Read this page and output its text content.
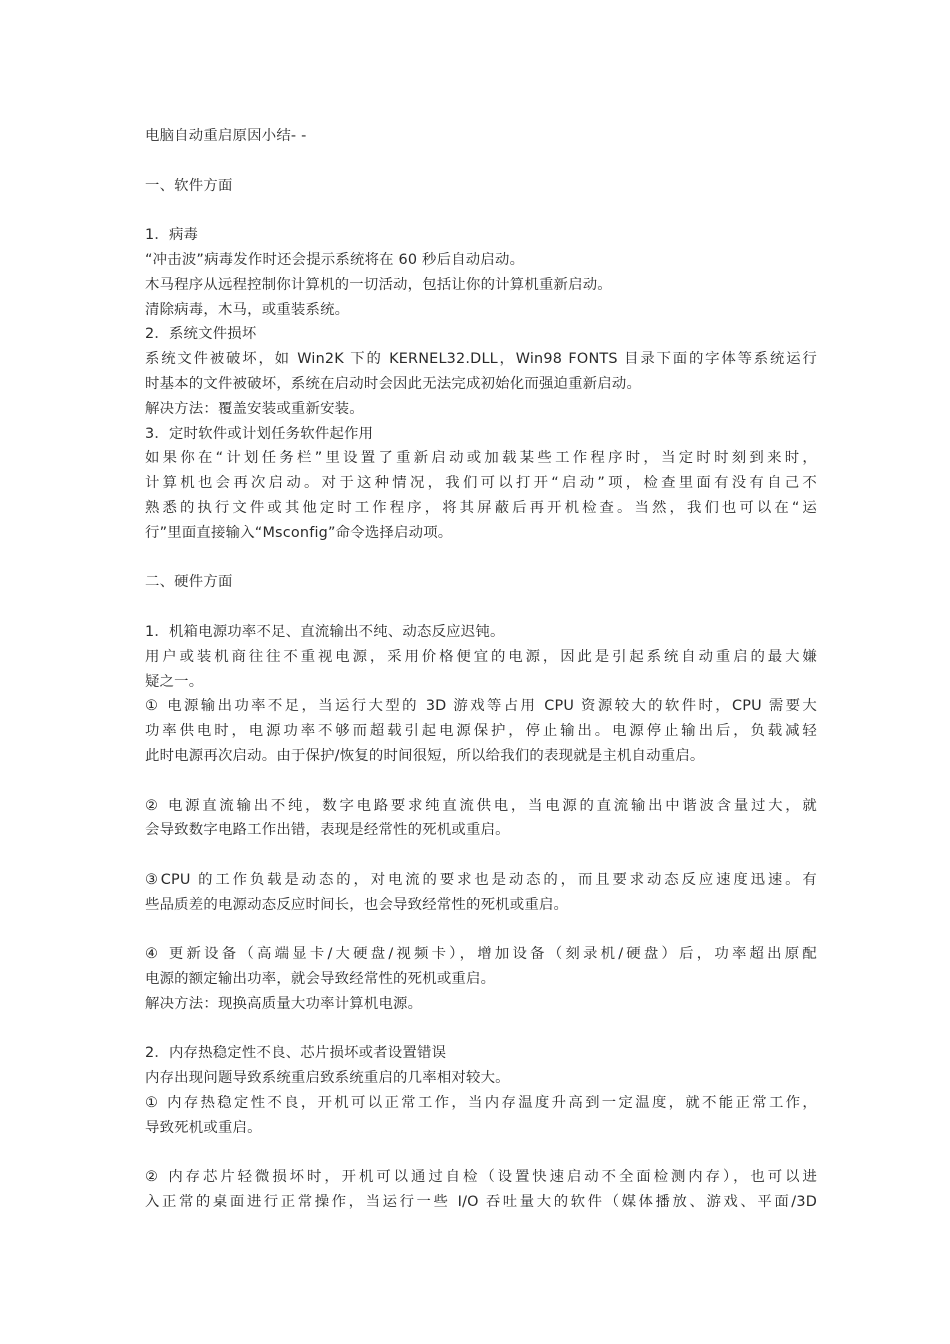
电脑自动重启原因小结- -
一、软件方面
1．病毒
“冲击波”病毒发作时还会提示系统将在 60 秒后自动启动。
木马程序从远程控制你计算机的一切活动，包括让你的计算机重新启动。
清除病毒，木马，或重装系统。
2．系统文件损坏
系统文件被破坏，如 Win2K 下的 KERNEL32.DLL，Win98 FONTS 目录下面的字体等系统运行
时基本的文件被破坏，系统在启动时会因此无法完成初始化而强迫重新启动。
解决方法：覆盖安装或重新安装。
3．定时软件或计划任务软件起作用
如果你在“计划任务栏”里设置了重新启动或加载某些工作程序时，当定时时刻到来时，
计算机也会再次启动。对于这种情况，我们可以打开“启动”项，检查里面有没有自己不
熟悉的执行文件或其他定时工作程序，将其屏蔽后再开机检查。当然，我们也可以在“运
行”里面直接输入“Msconfig”命令选择启动项。
二、硬件方面
1．机箱电源功率不足、直流输出不纯、动态反应迟钝。
用户或装机商往往不重视电源，采用价格便宜的电源，因此是引起系统自动重启的最大嫌
疑之一。
① 电源输出功率不足，当运行大型的 3D 游戏等占用 CPU 资源较大的软件时，CPU 需要大
功率供电时，电源功率不够而超载引起电源保护，停止输出。电源停止输出后，负载减轻
此时电源再次启动。由于保护/恢复的时间很短，所以给我们的表现就是主机自动重启。
② 电源直流输出不纯，数字电路要求纯直流供电，当电源的直流输出中谐波含量过大，就
会导致数字电路工作出错，表现是经常性的死机或重启。
③CPU 的工作负载是动态的，对电流的要求也是动态的，而且要求动态反应速度迅速。有
些品质差的电源动态反应时间长，也会导致经常性的死机或重启。
④ 更新设备（高端显卡/大硬盘/视频卡），增加设备（刻录机/硬盘）后，功率超出原配
电源的额定输出功率，就会导致经常性的死机或重启。
解决方法：现换高质量大功率计算机电源。
2．内存热稳定性不良、芯片损坏或者设置错误
内存出现问题导致系统重启致系统重启的几率相对较大。
① 内存热稳定性不良，开机可以正常工作，当内存温度升高到一定温度，就不能正常工作，
导致死机或重启。
② 内存芯片轻微损坏时，开机可以通过自检（设置快速启动不全面检测内存），也可以进
入正常的桌面进行正常操作，当运行一些 I/O 吞吐量大的软件（媒体播放、游戏、平面/3D
